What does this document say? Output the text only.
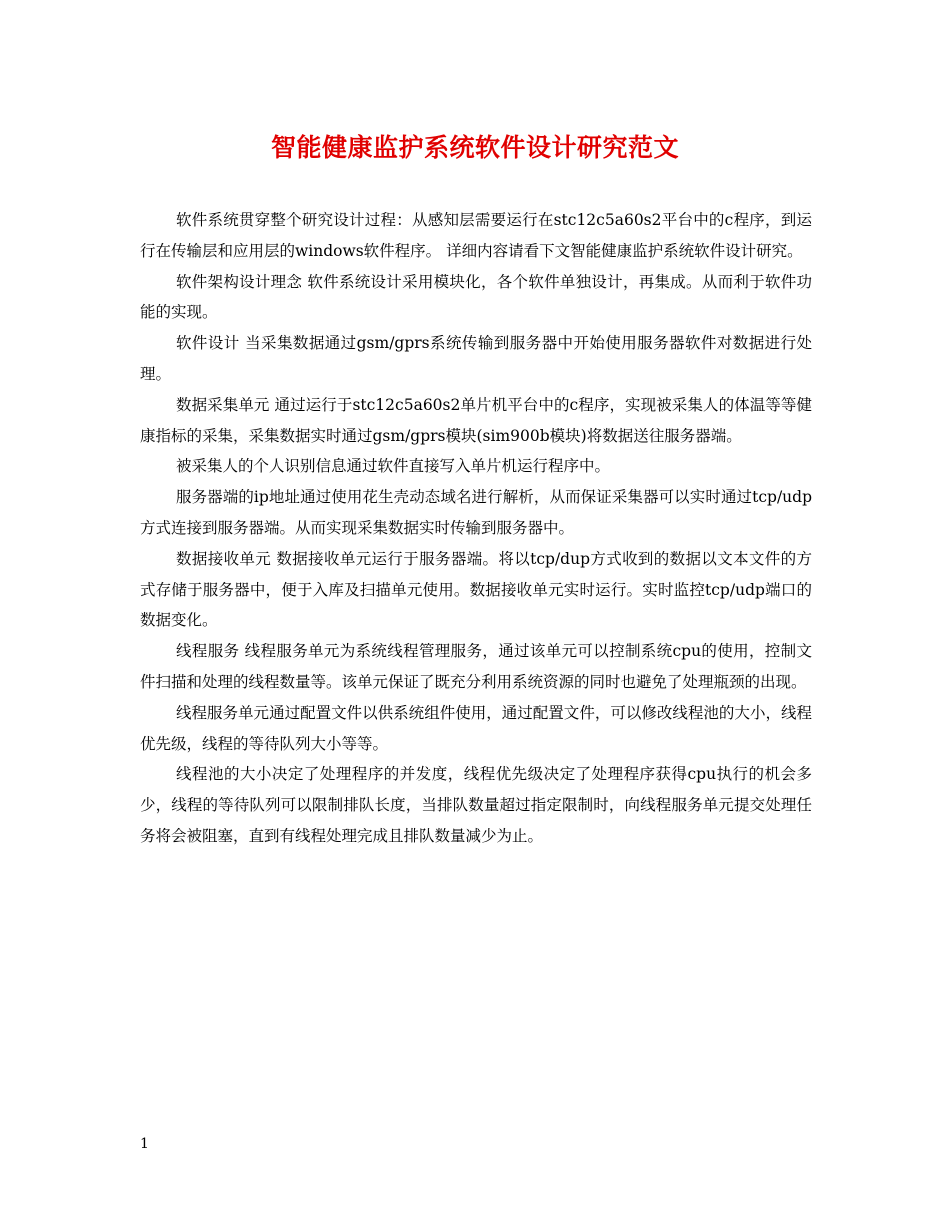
智能健康监护系统软件设计研究范文

软件系统贯穿整个研究设计过程：从感知层需要运行在stc12c5a60s2平台中的c程序，到运行在传输层和应用层的windows软件程序。 详细内容请看下文智能健康监护系统软件设计研究。

软件架构设计理念 软件系统设计采用模块化，各个软件单独设计，再集成。从而利于软件功能的实现。

软件设计 当采集数据通过gsm/gprs系统传输到服务器中开始使用服务器软件对数据进行处理。

数据采集单元 通过运行于stc12c5a60s2单片机平台中的c程序，实现被采集人的体温等等健康指标的采集，采集数据实时通过gsm/gprs模块(sim900b模块)将数据送往服务器端。

被采集人的个人识别信息通过软件直接写入单片机运行程序中。

服务器端的ip地址通过使用花生壳动态域名进行解析，从而保证采集器可以实时通过tcp/udp方式连接到服务器端。从而实现采集数据实时传输到服务器中。

数据接收单元 数据接收单元运行于服务器端。将以tcp/dup方式收到的数据以文本文件的方式存储于服务器中，便于入库及扫描单元使用。数据接收单元实时运行。实时监控tcp/udp端口的数据变化。

线程服务 线程服务单元为系统线程管理服务，通过该单元可以控制系统cpu的使用，控制文件扫描和处理的线程数量等。该单元保证了既充分利用系统资源的同时也避免了处理瓶颈的出现。

线程服务单元通过配置文件以供系统组件使用，通过配置文件，可以修改线程池的大小，线程优先级，线程的等待队列大小等等。

线程池的大小决定了处理程序的并发度，线程优先级决定了处理程序获得cpu执行的机会多少，线程的等待队列可以限制排队长度，当排队数量超过指定限制时，向线程服务单元提交处理任务将会被阻塞，直到有线程处理完成且排队数量减少为止。

1
